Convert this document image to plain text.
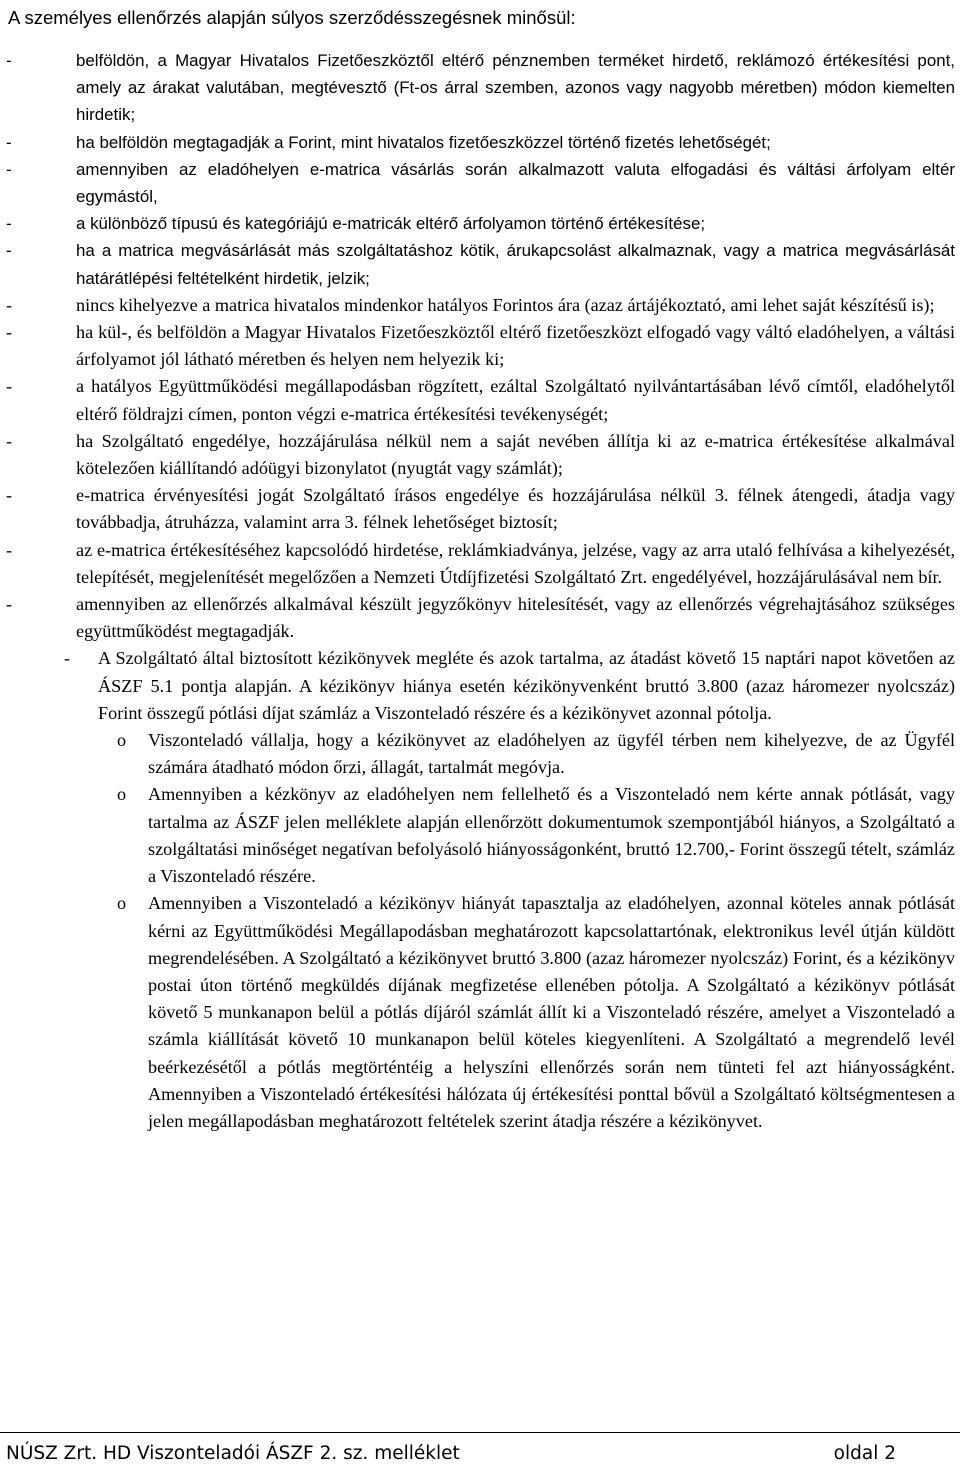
A személyes ellenőrzés alapján súlyos szerződésszegésnek minősül:
-	belföldön, a Magyar Hivatalos Fizetőeszköztől eltérő pénznemben terméket hirdető, reklámozó értékesítési pont, amely az árakat valutában, megtévesztő (Ft-os árral szemben, azonos vagy nagyobb méretben) módon kiemelten hirdetik;
-	ha belföldön megtagadják a Forint, mint hivatalos fizetőeszközzel történő fizetés lehetőségét;
-	amennyiben az eladóhelyen e-matrica vásárlás során alkalmazott valuta elfogadási és váltási árfolyam eltér egymástól,
-	a különböző típusú és kategóriájú e-matricák eltérő árfolyamon történő értékesítése;
-	ha a matrica megvásárlását más szolgáltatáshoz kötik, árukapcsolást alkalmaznak, vagy a matrica megvásárlását határátlépési feltételként hirdetik, jelzik;
-	nincs kihelyezve a matrica hivatalos mindenkor hatályos Forintos ára (azaz ártájékoztató, ami lehet saját készítésű is);
-	ha kül-, és belföldön a Magyar Hivatalos Fizetőeszköztől eltérő fizetőeszközt elfogadó vagy váltó eladóhelyen, a váltási árfolyamot jól látható méretben és helyen nem helyezik ki;
-	a hatályos Együttműködési megállapodásban rögzített, ezáltal Szolgáltató nyilvántartásában lévő címtől, eladóhelytől eltérő földrajzi címen, ponton végzi e-matrica értékesítési tevékenységét;
-	ha Szolgáltató engedélye, hozzájárulása nélkül nem a saját nevében állítja ki az e-matrica értékesítése alkalmával kötelezően kiállítandó adóügyi bizonylatot (nyugtát vagy számlát);
-	e-matrica érvényesítési jogát Szolgáltató írásos engedélye és hozzájárulása nélkül 3. félnek átengedi, átadja vagy továbbadja, átruházza, valamint arra 3. félnek lehetőséget biztosít;
-	az e-matrica értékesítéséhez kapcsolódó hirdetése, reklámkiadványa, jelzése, vagy az arra utaló felhívása a kihelyezését, telepítését, megjelenítését megelőzően a Nemzeti Útdíjfizetési Szolgáltató Zrt. engedélyével, hozzájárulásával nem bír.
-	amennyiben az ellenőrzés alkalmával készült jegyzőkönyv hitelesítését, vagy az ellenőrzés végrehajtásához szükséges együttműködést megtagadják.
- A Szolgáltató által biztosított kézikönyvek megléte és azok tartalma, az átadást követő 15 naptári napot követően az ÁSZF 5.1 pontja alapján. A kézikönyv hiánya esetén kézikönyvenként bruttó 3.800 (azaz háromezer nyolcszáz) Forint összegű pótlási díjat számláz a Viszonteladó részére és a kézikönyvet azonnal pótolja.
o Viszonteladó vállalja, hogy a kézikönyvet az eladóhelyen az ügyfél térben nem kihelyezve, de az Ügyfél számára átadható módon őrzi, állagát, tartalmát megóvja.
o Amennyiben a kézkönyv az eladóhelyen nem fellelhető és a Viszonteladó nem kérte annak pótlását, vagy tartalma az ÁSZF jelen melléklete alapján ellenőrzött dokumentumok szempontjából hiányos, a Szolgáltató a szolgáltatási minőséget negatívan befolyásoló hiányosságonként, bruttó 12.700,- Forint összegű tételt, számláz a Viszonteladó részére.
o Amennyiben a Viszonteladó a kézikönyv hiányát tapasztalja az eladóhelyen, azonnal köteles annak pótlását kérni az Együttműködési Megállapodásban meghatározott kapcsolattartónak, elektronikus levél útján küldött megrendelésében. A Szolgáltató a kézikönyvet bruttó 3.800 (azaz háromezer nyolcszáz) Forint, és a kézikönyv postai úton történő megküldés díjának megfizetése ellenében pótolja. A Szolgáltató a kézikönyv pótlását követő 5 munkanapon belül a pótlás díjáról számlát állít ki a Viszonteladó részére, amelyet a Viszonteladó a számla kiállítását követő 10 munkanapon belül köteles kiegyenlíteni. A Szolgáltató a megrendelő levél beérkezésétől a pótlás megtörténtéig a helyszíni ellenőrzés során nem tünteti fel azt hiányosságként. Amennyiben a Viszonteladó értékesítési hálózata új értékesítési ponttal bővül a Szolgáltató költségmentesen a jelen megállapodásban meghatározott feltételek szerint átadja részére a kézikönyvet.
NÚSZ Zrt. HD Viszonteladói ÁSZF 2. sz. melléklet	oldal 2
